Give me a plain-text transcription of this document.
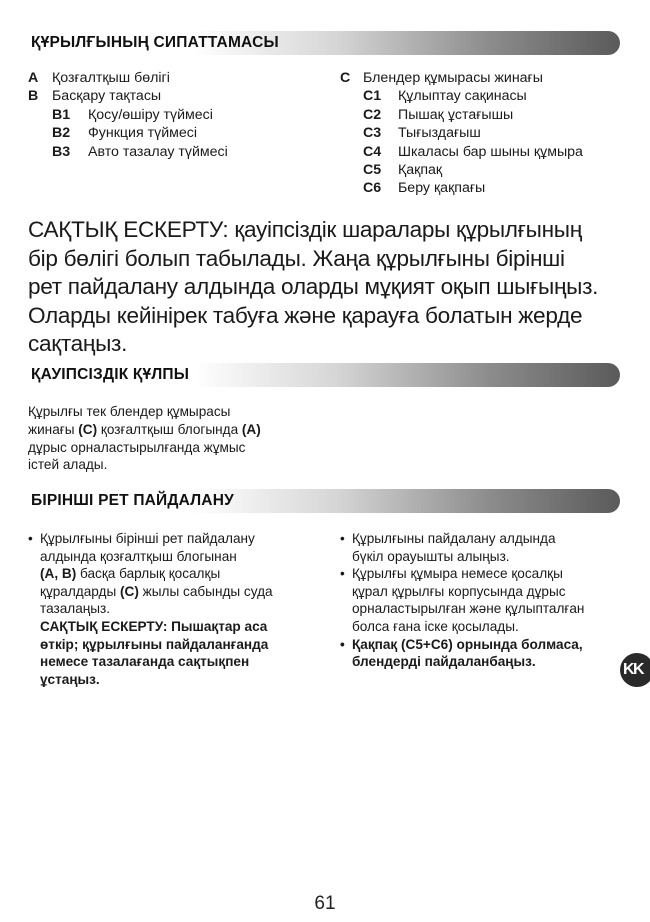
ҚҰРЫЛҒЫНЫҢ СИПАТТАМАСЫ
A Қозғалтқыш бөлігі
B Басқару тақтасы
B1 Қосу/өшіру түймесі
B2 Функция түймесі
B3 Авто тазалау түймесі
C Блендер құмырасы жинағы
C1 Құлыптау сақинасы
C2 Пышақ ұстағышы
C3 Тығыздағыш
C4 Шкаласы бар шыны құмыра
C5 Қақпақ
C6 Беру қақпағы
САҚТЫҚ ЕСКЕРТУ: қауіпсіздік шаралары құрылғының
бір бөлігі болып табылады. Жаңа құрылғыны бірінші
рет пайдалану алдында оларды мұқият оқып шығыңыз.
Оларды кейінірек табуға және қарауға болатын жерде
сақтаңыз.
ҚАУІПСІЗДІК ҚҰЛПЫ
Құрылғы тек блендер құмырасы
жинағы (C) қозғалтқыш блогында (A)
дұрыс орналастырылғанда жұмыс
істей алады.
БІРІНШІ РЕТ ПАЙДАЛАНУ
• Құрылғыны бірінші рет пайдалану
алдында қозғалтқыш блогынан
(A, B) басқа барлық қосалқы
құралдарды (C) жылы сабынды суда
тазалаңыз.
САҚТЫҚ ЕСКЕРТУ: Пышақтар аса
өткір; құрылғыны пайдаланғанда
немесе тазалағанда сақтықпен
ұстаңыз.
• Құрылғыны пайдалану алдында
бүкіл орауышты алыңыз.
• Құрылғы құмыра немесе қосалқы
құрал құрылғы корпусында дұрыс
орналастырылған және құлыпталған
болса ғана іске қосылады.
• Қақпақ (C5+C6) орнында болмаса,
блендерді пайдаланбаңыз.	KK
61
